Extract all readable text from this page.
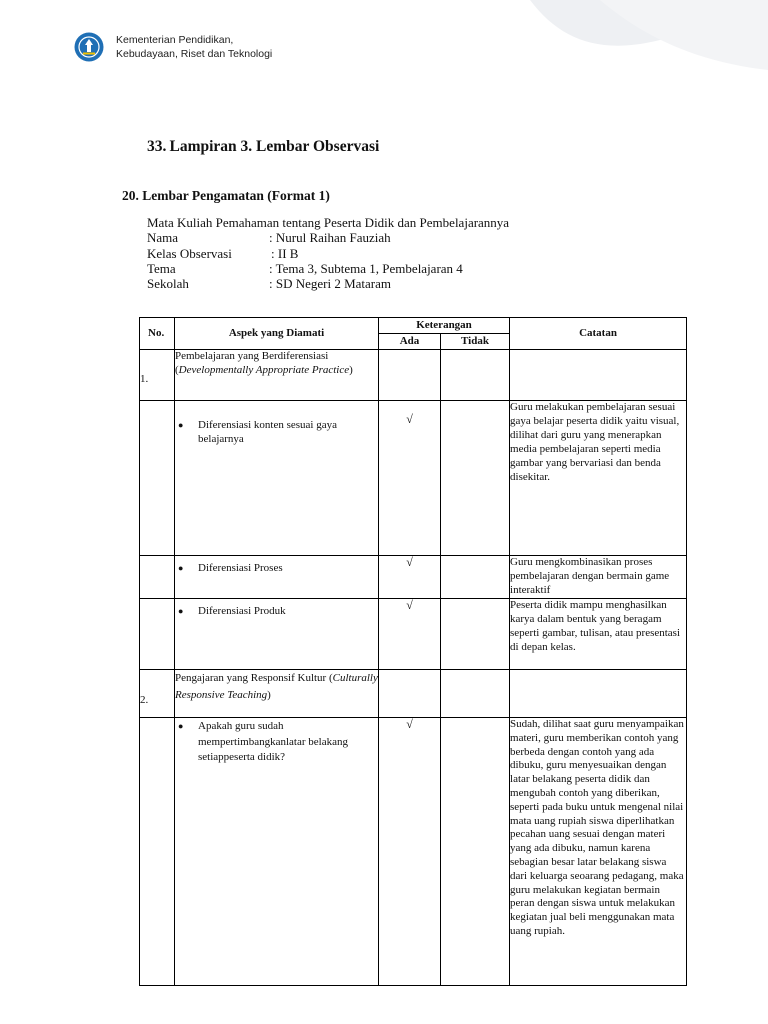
Kementerian Pendidikan,
Kebudayaan, Riset dan Teknologi
33. Lampiran 3. Lembar Observasi
20. Lembar Pengamatan (Format 1)
Mata Kuliah Pemahaman tentang Peserta Didik dan Pembelajarannya
Nama	: Nurul Raihan Fauziah
Kelas Observasi	: II B
Tema	: Tema 3, Subtema 1, Pembelajaran 4
Sekolah	: SD Negeri 2 Mataram
No.	Aspek yang Diamati	Keterangan		Catatan
		Ada	Tidak	
1.	Pembelajaran yang Berdiferensiasi (Developmentally Appropriate Practice)			

	● Diferensiasi konten sesuai gaya belajarnya	√		Guru melakukan pembelajaran sesuai gaya belajar peserta didik yaitu visual, dilihat dari guru yang menerapkan media pembelajaran seperti media gambar yang bervariasi dan benda disekitar.

	● Diferensiasi Proses	√		Guru mengkombinasikan proses pembelajaran dengan bermain game interaktif

	● Diferensiasi Produk	√		Peserta didik mampu menghasilkan karya dalam bentuk yang beragam seperti gambar, tulisan, atau presentasi di depan kelas.
2.	Pengajaran yang Responsif Kultur (Culturally Responsive Teaching)			

	● Apakah guru sudah mempertimbangkanlatar belakang setiappeserta didik?	√		Sudah, dilihat saat guru menyampaikan materi, guru memberikan contoh yang berbeda dengan contoh yang ada dibuku, guru menyesuaikan dengan latar belakang peserta didik dan mengubah contoh yang diberikan, seperti pada buku untuk mengenal nilai mata uang rupiah siswa diperlihatkan pecahan uang sesuai dengan materi yang ada dibuku, namun karena sebagian besar latar belakang siswa dari keluarga seoarang pedagang, maka guru melakukan kegiatan bermain peran dengan siswa untuk melakukan kegiatan jual beli menggunakan mata uang rupiah.
